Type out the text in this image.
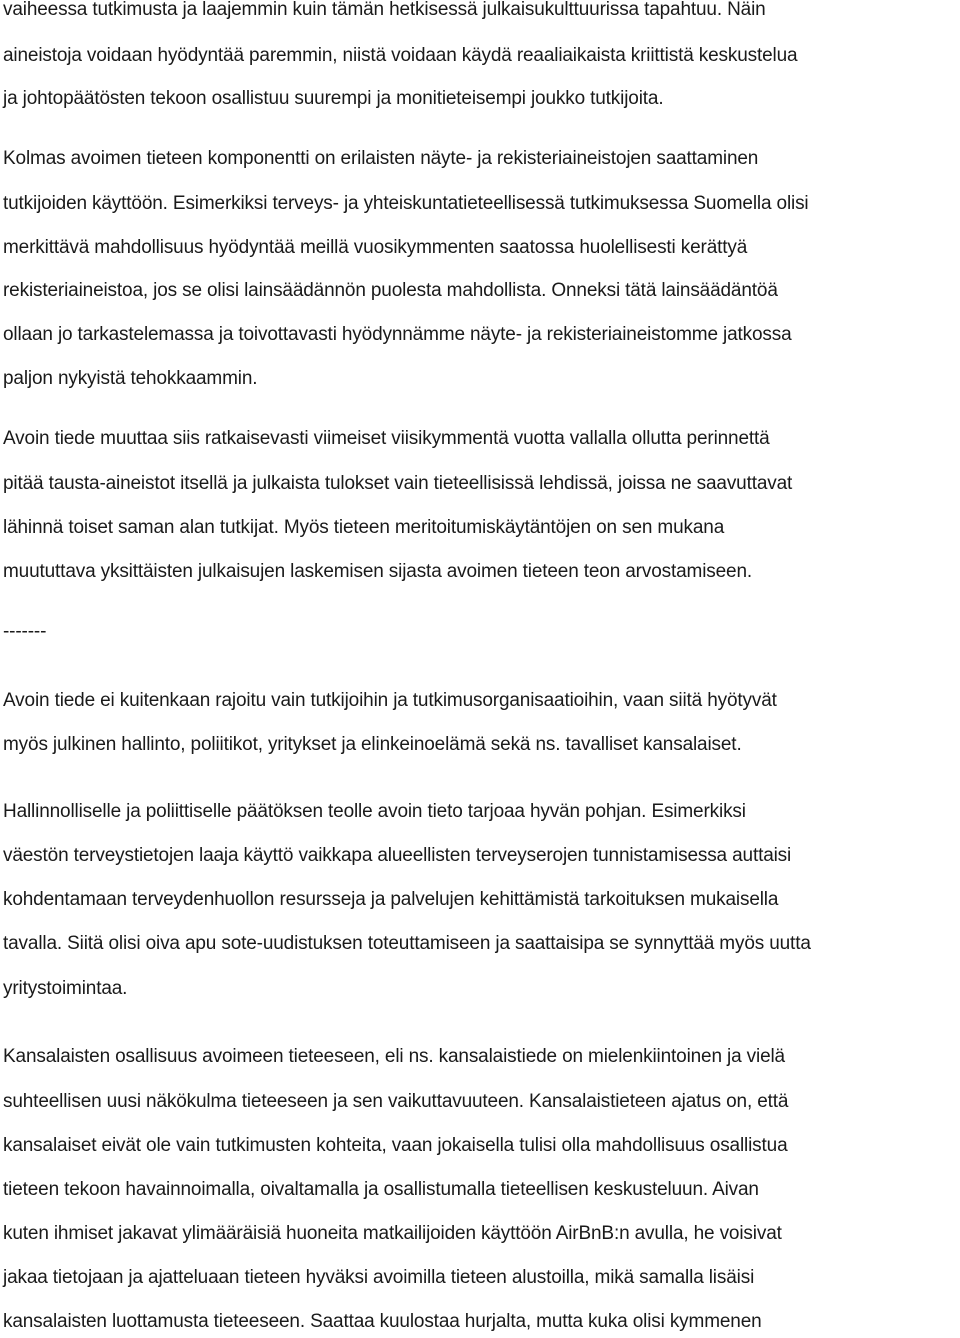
vaiheessa tutkimusta ja laajemmin kuin tämän hetkisessä julkaisukulttuurissa tapahtuu. Näin
aineistoja voidaan hyödyntää paremmin, niistä voidaan käydä reaaliaikaista kriittistä keskustelua
ja johtopäätösten tekoon osallistuu suurempi ja monitieteisempi joukko tutkijoita.
Kolmas avoimen tieteen komponentti on erilaisten näyte- ja rekisteriaineistojen saattaminen
tutkijoiden käyttöön. Esimerkiksi terveys- ja yhteiskuntatieteellisessä tutkimuksessa Suomella olisi
merkittävä mahdollisuus hyödyntää meillä vuosikymmenten saatossa huolellisesti kerättyä
rekisteriaineistoa, jos se olisi lainsäädännön puolesta mahdollista. Onneksi tätä lainsäädäntöä
ollaan jo tarkastelemassa ja toivottavasti hyödynnämme näyte- ja rekisteriaineistomme jatkossa
paljon nykyistä tehokkaammin.
Avoin tiede muuttaa siis ratkaisevasti viimeiset viisikymmentä vuotta vallalla ollutta perinnettä
pitää tausta-aineistot itsellä ja julkaista tulokset vain tieteellisissä lehdissä, joissa ne saavuttavat
lähinnä toiset saman alan tutkijat. Myös tieteen meritoitumiskäytäntöjen on sen mukana
muututtava yksittäisten julkaisujen laskemisen sijasta avoimen tieteen teon arvostamiseen.
-------
Avoin tiede ei kuitenkaan rajoitu vain tutkijoihin ja tutkimusorganisaatioihin, vaan siitä hyötyvät
myös julkinen hallinto, poliitikot, yritykset ja elinkeinoelämä sekä ns. tavalliset kansalaiset.
Hallinnolliselle ja poliittiselle päätöksen teolle avoin tieto tarjoaa hyvän pohjan. Esimerkiksi
väestön terveystietojen laaja käyttö vaikkapa alueellisten terveyserojen tunnistamisessa auttaisi
kohdentamaan terveydenhuollon resursseja ja palvelujen kehittämistä tarkoituksen mukaisella
tavalla. Siitä olisi oiva apu sote-uudistuksen toteuttamiseen ja saattaisipa se synnyttää myös uutta
yritystoimintaa.
Kansalaisten osallisuus avoimeen tieteeseen, eli ns. kansalaistiede on mielenkiintoinen ja vielä
suhteellisen uusi näkökulma tieteeseen ja sen vaikuttavuuteen. Kansalaistieteen ajatus on, että
kansalaiset eivät ole vain tutkimusten kohteita, vaan jokaisella tulisi olla mahdollisuus osallistua
tieteen tekoon havainnoimalla, oivaltamalla ja osallistumalla tieteellisen keskusteluun. Aivan
kuten ihmiset jakavat ylimääräisiä huoneita matkailijoiden käyttöön AirBnB:n avulla, he voisivat
jakaa tietojaan ja ajatteluaan tieteen hyväksi avoimilla tieteen alustoilla, mikä samalla lisäisi
kansalaisten luottamusta tieteeseen. Saattaa kuulostaa hurjalta, mutta kuka olisi kymmenen
